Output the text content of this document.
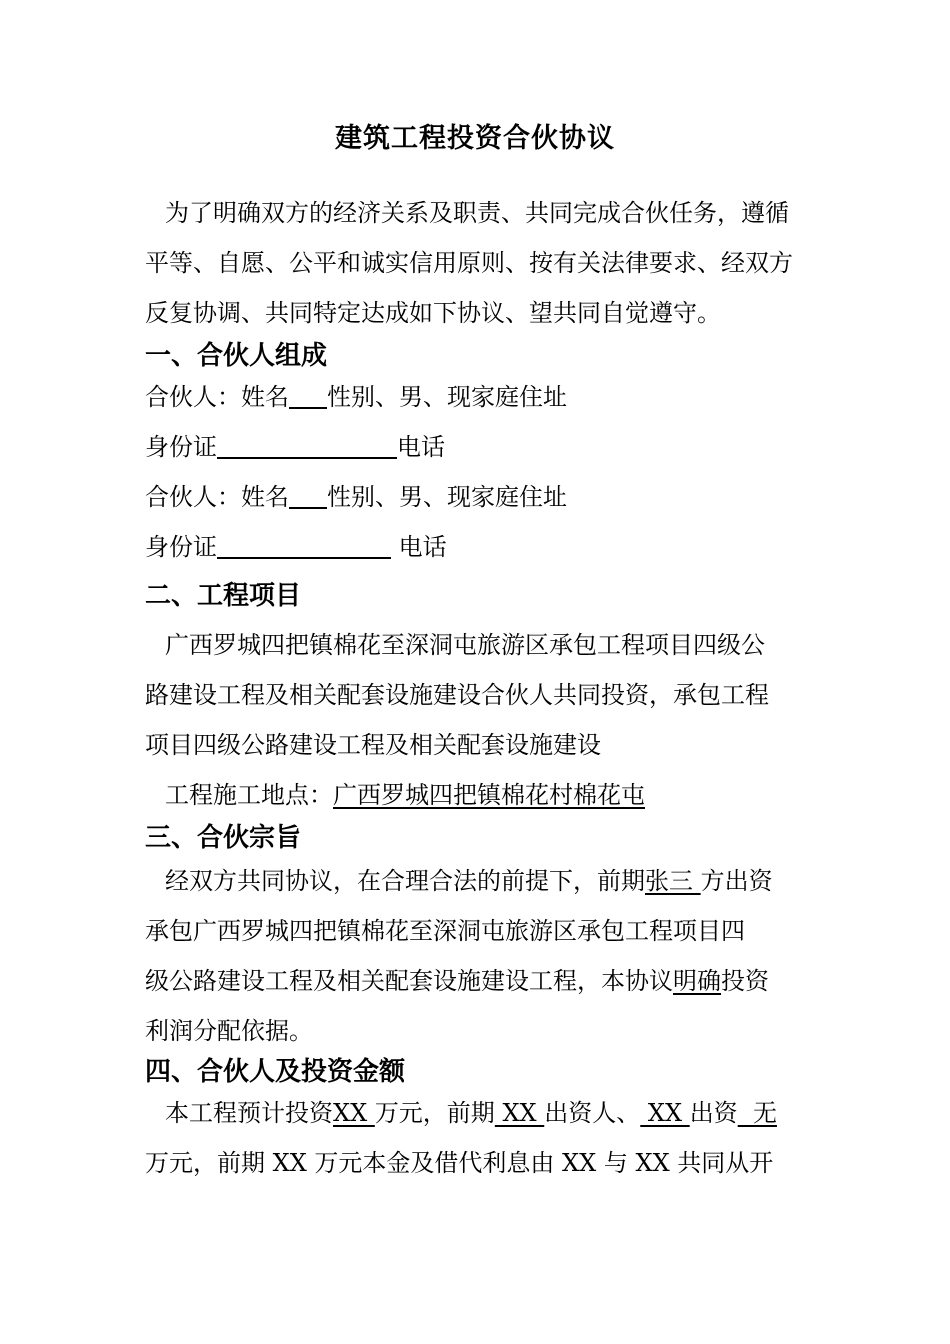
建筑工程投资合伙协议

为了明确双方的经济关系及职责、共同完成合伙任务，遵循
平等、自愿、公平和诚实信用原则、按有关法律要求、经双方
反复协调、共同特定达成如下协议、望共同自觉遵守。

一、合伙人组成

合伙人：姓名 性别、男、现家庭住址

身份证	电话

合伙人：姓名 性别、男、现家庭住址

身份证	电话

二、工程项目

广西罗城四把镇棉花至深洞屯旅游区承包工程项目四级公
路建设工程及相关配套设施建设合伙人共同投资，承包工程
项目四级公路建设工程及相关配套设施建设

工程施工地点：广西罗城四把镇棉花村棉花屯

三、合伙宗旨

经双方共同协议，在合理合法的前提下，前期张三 方出资
承包广西罗城四把镇棉花至深洞屯旅游区承包工程项目四
级公路建设工程及相关配套设施建设工程，本协议明确投资
利润分配依据。

四、合伙人及投资金额

本工程预计投资XX 万元，前期 XX 出资人、 XX 出资  无
万元，前期 XX 万元本金及借代利息由 XX 与 XX 共同从开
